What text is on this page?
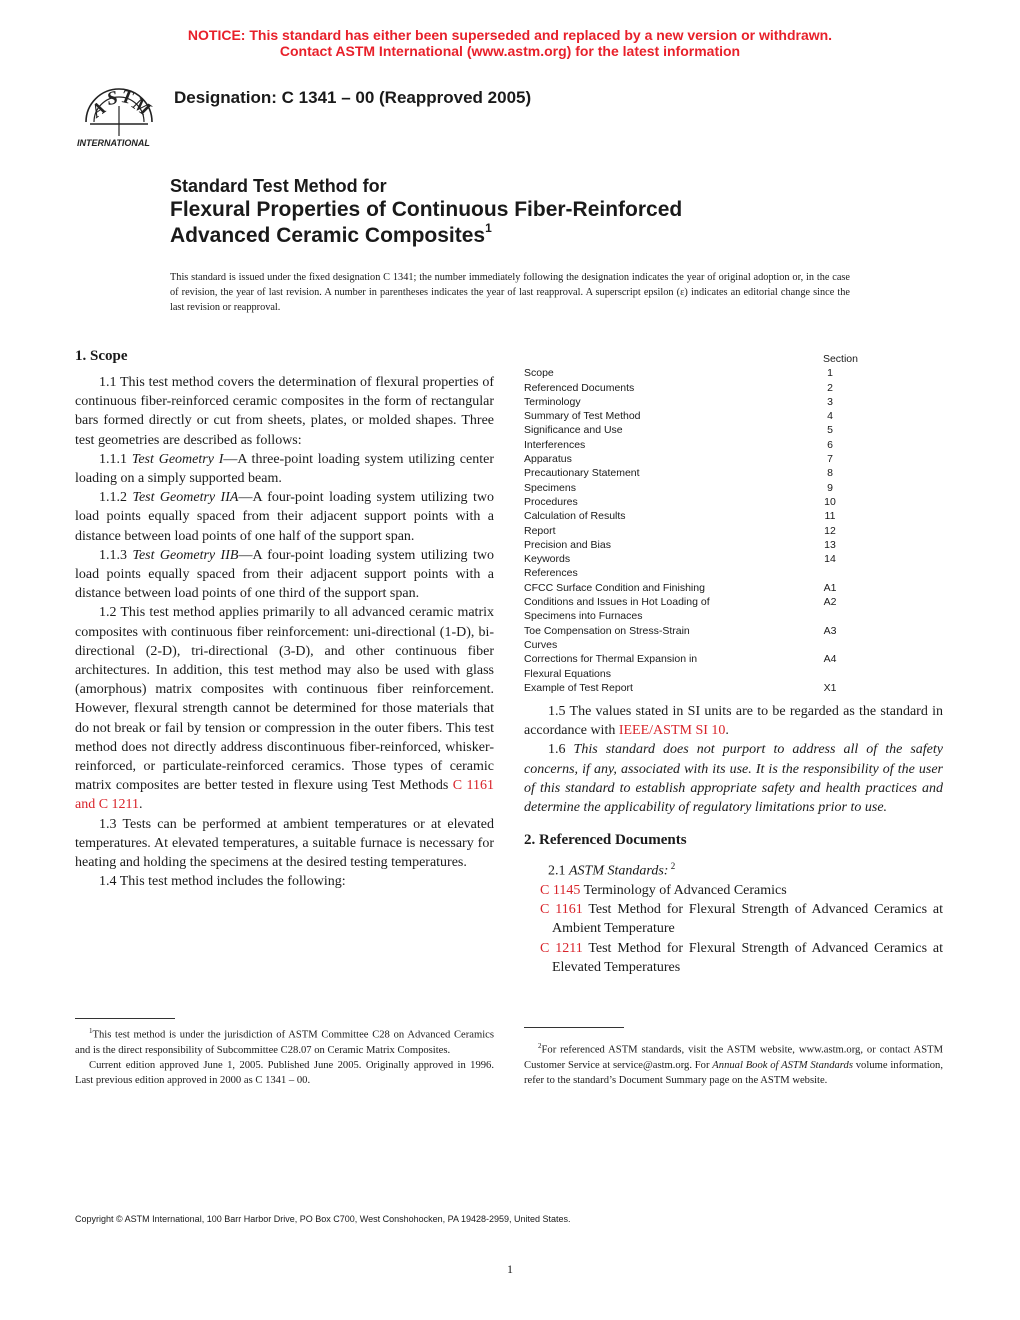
NOTICE: This standard has either been superseded and replaced by a new version or withdrawn.
Contact ASTM International (www.astm.org) for the latest information
A
S T
M
INTERNATIONAL
Designation: C 1341 – 00 (Reapproved 2005)
Standard Test Method for
Flexural Properties of Continuous Fiber-Reinforced
Advanced Ceramic Composites$^1$
This standard is issued under the fixed designation C 1341; the number immediately following the designation indicates the year of original adoption or, in the case of revision, the year of last revision. A number in parentheses indicates the year of last reapproval. A superscript epsilon (ε) indicates an editorial change since the last revision or reapproval.
1. Scope

1.1 This test method covers the determination of flexural properties of continuous fiber-reinforced ceramic composites in the form of rectangular bars formed directly or cut from sheets, plates, or molded shapes. Three test geometries are described as follows:

1.1.1 Test Geometry I—A three-point loading system utilizing center loading on a simply supported beam.

1.1.2 Test Geometry IIA—A four-point loading system utilizing two load points equally spaced from their adjacent support points with a distance between load points of one half of the support span.

1.1.3 Test Geometry IIB—A four-point loading system utilizing two load points equally spaced from their adjacent support points with a distance between load points of one third of the support span.

1.2 This test method applies primarily to all advanced ceramic matrix composites with continuous fiber reinforcement: uni-directional (1-D), bi-directional (2-D), tri-directional (3-D), and other continuous fiber architectures. In addition, this test method may also be used with glass (amorphous) matrix composites with continuous fiber reinforcement. However, flexural strength cannot be determined for those materials that do not break or fail by tension or compression in the outer fibers. This test method does not directly address discontinuous fiber-reinforced, whisker-reinforced, or particulate-reinforced ceramics. Those types of ceramic matrix composites are better tested in flexure using Test Methods C 1161 and C 1211.

1.3 Tests can be performed at ambient temperatures or at elevated temperatures. At elevated temperatures, a suitable furnace is necessary for heating and holding the specimens at the desired testing temperatures.

1.4 This test method includes the following:

Section
Scope	1
Referenced Documents	2
Terminology	3
Summary of Test Method	4
Significance and Use	5
Interferences	6
Apparatus	7
Precautionary Statement	8
Specimens	9
Procedures	10
Calculation of Results	11
Report	12
Precision and Bias	13
Keywords	14
References
CFCC Surface Condition and Finishing	A1
Conditions and Issues in Hot Loading of	A2
Specimens into Furnaces
Toe Compensation on Stress-Strain	A3
Curves
Corrections for Thermal Expansion in	A4
Flexural Equations
Example of Test Report	X1

1.5 The values stated in SI units are to be regarded as the standard in accordance with IEEE/ASTM SI 10.

1.6 This standard does not purport to address all of the safety concerns, if any, associated with its use. It is the responsibility of the user of this standard to establish appropriate safety and health practices and determine the applicability of regulatory limitations prior to use.

2. Referenced Documents

2.1 ASTM Standards: $^2$

C 1145 Terminology of Advanced Ceramics
C 1161 Test Method for Flexural Strength of Advanced Ceramics at Ambient Temperature
C 1211 Test Method for Flexural Strength of Advanced Ceramics at Elevated Temperatures

$^1$This test method is under the jurisdiction of ASTM Committee C28 on Advanced Ceramics and is the direct responsibility of Subcommittee C28.07 on Ceramic Matrix Composites.

Current edition approved June 1, 2005. Published June 2005. Originally approved in 1996. Last previous edition approved in 2000 as C 1341 – 00.

$^2$For referenced ASTM standards, visit the ASTM website, www.astm.org, or contact ASTM Customer Service at service@astm.org. For Annual Book of ASTM Standards volume information, refer to the standard’s Document Summary page on the ASTM website.

Copyright © ASTM International, 100 Barr Harbor Drive, PO Box C700, West Conshohocken, PA 19428-2959, United States.
1
